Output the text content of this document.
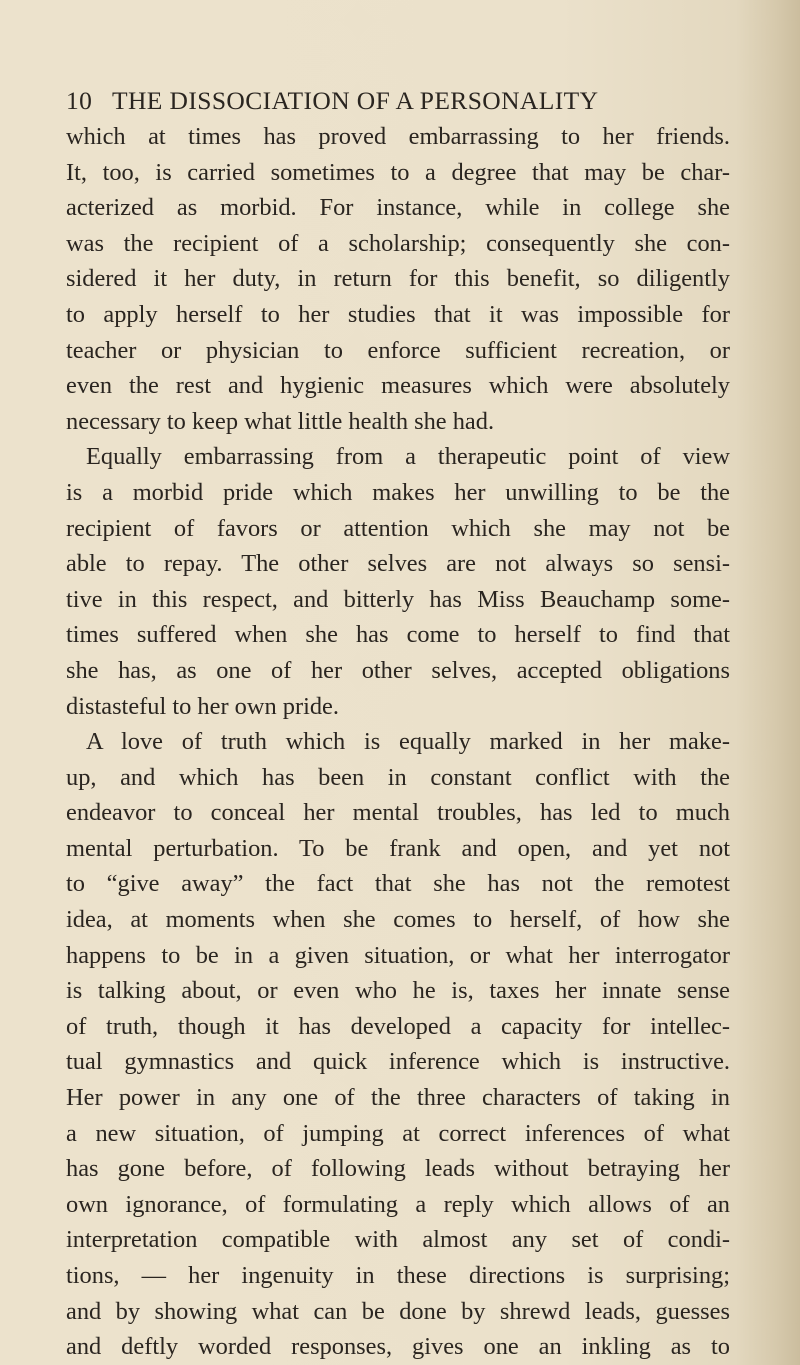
10 THE DISSOCIATION OF A PERSONALITY
which at times has proved embarrassing to her friends.
It, too, is carried sometimes to a degree that may be char-
acterized as morbid. For instance, while in college she
was the recipient of a scholarship; consequently she con-
sidered it her duty, in return for this benefit, so diligently
to apply herself to her studies that it was impossible for
teacher or physician to enforce sufficient recreation, or
even the rest and hygienic measures which were absolutely
necessary to keep what little health she had.
Equally embarrassing from a therapeutic point of view
is a morbid pride which makes her unwilling to be the
recipient of favors or attention which she may not be
able to repay. The other selves are not always so sensi-
tive in this respect, and bitterly has Miss Beauchamp some-
times suffered when she has come to herself to find that
she has, as one of her other selves, accepted obligations
distasteful to her own pride.
A love of truth which is equally marked in her make-
up, and which has been in constant conflict with the
endeavor to conceal her mental troubles, has led to much
mental perturbation. To be frank and open, and yet not
to “give away” the fact that she has not the remotest
idea, at moments when she comes to herself, of how she
happens to be in a given situation, or what her interrogator
is talking about, or even who he is, taxes her innate sense
of truth, though it has developed a capacity for intellec-
tual gymnastics and quick inference which is instructive.
Her power in any one of the three characters of taking in
a new situation, of jumping at correct inferences of what
has gone before, of following leads without betraying her
own ignorance, of formulating a reply which allows of an
interpretation compatible with almost any set of condi-
tions, — her ingenuity in these directions is surprising;
and by showing what can be done by shrewd leads, guesses
and deftly worded responses, gives one an inkling as to
